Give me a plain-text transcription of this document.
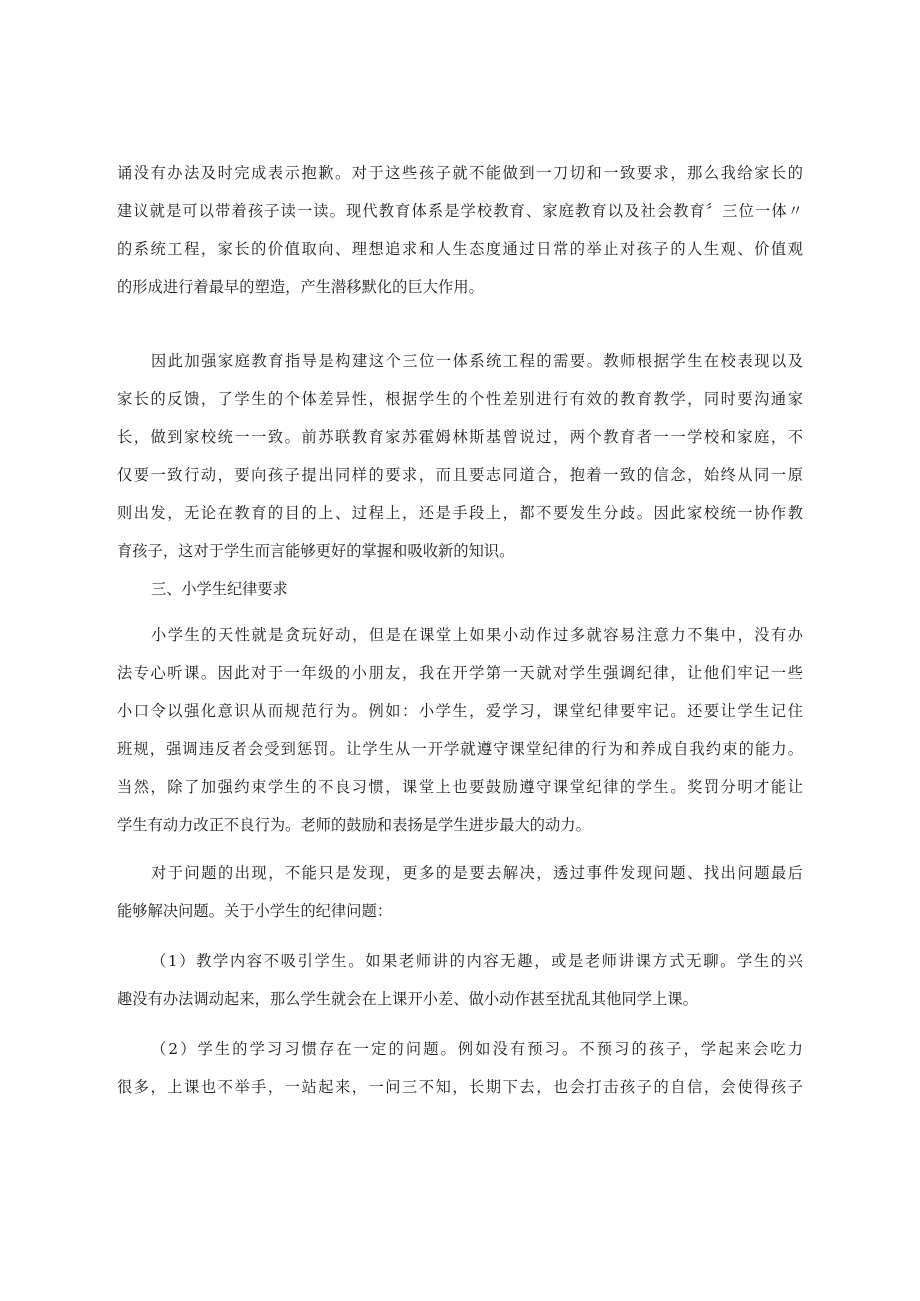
诵没有办法及时完成表示抱歉。对于这些孩子就不能做到一刀切和一致要求，那么我给家长的
建议就是可以带着孩子读一读。现代教育体系是学校教育、家庭教育以及社会教育〞三位一体〃
的系统工程，家长的价值取向、理想追求和人生态度通过日常的举止对孩子的人生观、价值观
的形成进行着最早的塑造，产生潜移默化的巨大作用。
因此加强家庭教育指导是构建这个三位一体系统工程的需要。教师根据学生在校表现以及
家长的反馈，了学生的个体差异性，根据学生的个性差别进行有效的教育教学，同时要沟通家
长，做到家校统一一致。前苏联教育家苏霍姆林斯基曾说过，两个教育者一一学校和家庭，不
仅要一致行动，要向孩子提出同样的要求，而且要志同道合，抱着一致的信念，始终从同一原
则出发，无论在教育的目的上、过程上，还是手段上，都不要发生分歧。因此家校统一协作教
育孩子，这对于学生而言能够更好的掌握和吸收新的知识。
三、小学生纪律要求
小学生的天性就是贪玩好动，但是在课堂上如果小动作过多就容易注意力不集中，没有办
法专心听课。因此对于一年级的小朋友，我在开学第一天就对学生强调纪律，让他们牢记一些
小口令以强化意识从而规范行为。例如：小学生，爱学习，课堂纪律要牢记。还要让学生记住
班规，强调违反者会受到惩罚。让学生从一开学就遵守课堂纪律的行为和养成自我约束的能力。
当然，除了加强约束学生的不良习惯，课堂上也要鼓励遵守课堂纪律的学生。奖罚分明才能让
学生有动力改正不良行为。老师的鼓励和表扬是学生进步最大的动力。
对于问题的出现，不能只是发现，更多的是要去解决，透过事件发现问题、找出问题最后
能够解决问题。关于小学生的纪律问题：
（1）教学内容不吸引学生。如果老师讲的内容无趣，或是老师讲课方式无聊。学生的兴
趣没有办法调动起来，那么学生就会在上课开小差、做小动作甚至扰乱其他同学上课。
（2）学生的学习习惯存在一定的问题。例如没有预习。不预习的孩子，学起来会吃力
很多，上课也不举手，一站起来，一问三不知，长期下去，也会打击孩子的自信，会使得孩子
